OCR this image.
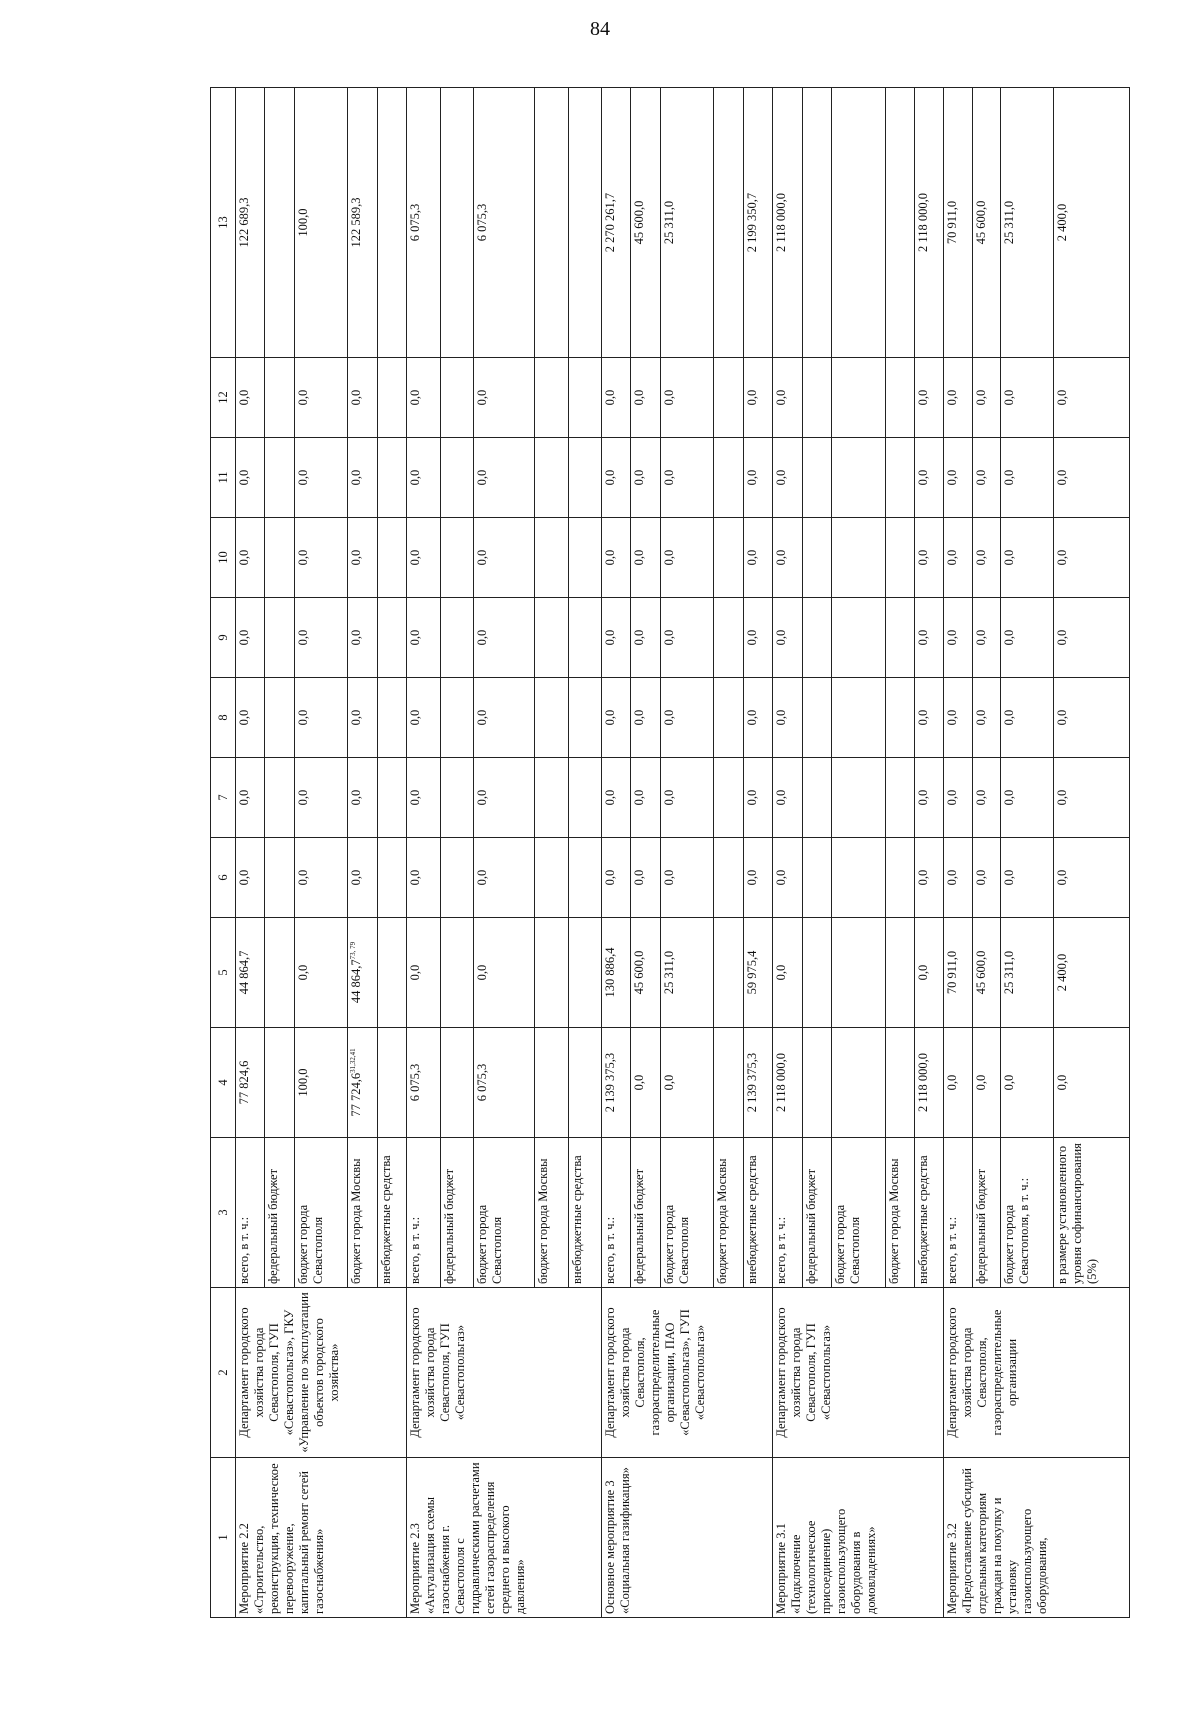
84
1	2	3	4	5	6	7	8	9	10	11	12	13
Мероприятие 2.2 «Строительство, реконструкция, техническое перевооружение, капитальный ремонт сетей газоснабжения»	Департамент городского хозяйства города Севастополя, ГУП «Севастопольгаз», ГКУ «Управление по эксплуатации объектов городского хозяйства»	всего, в т. ч.:	77 824,6	44 864,7	0,0	0,0	0,0	0,0	0,0	0,0	0,0	122 689,3
		федеральный бюджет										
		бюджет города Севастополя	100,0	0,0	0,0	0,0	0,0	0,0	0,0	0,0	0,0	100,0
		бюджет города Москвы	77 724,6$^{31,32,41}$	44 864,7$^{73, 79}$	0,0	0,0	0,0	0,0	0,0	0,0	0,0	122 589,3
		внебюджетные средства										
Мероприятие 2.3 «Актуализация схемы газоснабжения г. Севастополя с гидравлическими расчетами сетей газораспределения среднего и высокого давления»	Департамент городского хозяйства города Севастополя, ГУП «Севастопольгаз»	всего, в т. ч.:	6 075,3	0,0	0,0	0,0	0,0	0,0	0,0	0,0	0,0	6 075,3
		федеральный бюджет										
		бюджет города Севастополя	6 075,3	0,0	0,0	0,0	0,0	0,0	0,0	0,0	0,0	6 075,3
		бюджет города Москвы										
		внебюджетные средства										
Основное мероприятие 3 «Социальная газификация»	Департамент городского хозяйства города Севастополя, газораспределительные организации, ПАО «Севастопольгаз», ГУП «Севастопольгаз»	всего, в т. ч.:	2 139 375,3	130 886,4	0,0	0,0	0,0	0,0	0,0	0,0	0,0	2 270 261,7
		федеральный бюджет	0,0	45 600,0	0,0	0,0	0,0	0,0	0,0	0,0	0,0	45 600,0
		бюджет города Севастополя	0,0	25 311,0	0,0	0,0	0,0	0,0	0,0	0,0	0,0	25 311,0
		бюджет города Москвы										
		внебюджетные средства	2 139 375,3	59 975,4	0,0	0,0	0,0	0,0	0,0	0,0	0,0	2 199 350,7
Мероприятие 3.1 «Подключение (технологическое присоединение) газоиспользующего оборудования в домовладениях»	Департамент городского хозяйства города Севастополя, ГУП «Севастопольгаз»	всего, в т. ч.:	2 118 000,0	0,0	0,0	0,0	0,0	0,0	0,0	0,0	0,0	2 118 000,0
		федеральный бюджет										
		бюджет города Севастополя										
		бюджет города Москвы										
		внебюджетные средства	2 118 000,0	0,0	0,0	0,0	0,0	0,0	0,0	0,0	0,0	2 118 000,0
Мероприятие 3.2 «Предоставление субсидий отдельным категориям граждан на покупку и установку газоиспользующего оборудования,	Департамент городского хозяйства города Севастополя, газораспределительные организации	всего, в т. ч.:	0,0	70 911,0	0,0	0,0	0,0	0,0	0,0	0,0	0,0	70 911,0
		федеральный бюджет	0,0	45 600,0	0,0	0,0	0,0	0,0	0,0	0,0	0,0	45 600,0
		бюджет города Севастополя, в т. ч.:	0,0	25 311,0	0,0	0,0	0,0	0,0	0,0	0,0	0,0	25 311,0
		в размере установленного уровня софинансирования (5%)	0,0	2 400,0	0,0	0,0	0,0	0,0	0,0	0,0	0,0	2 400,0
